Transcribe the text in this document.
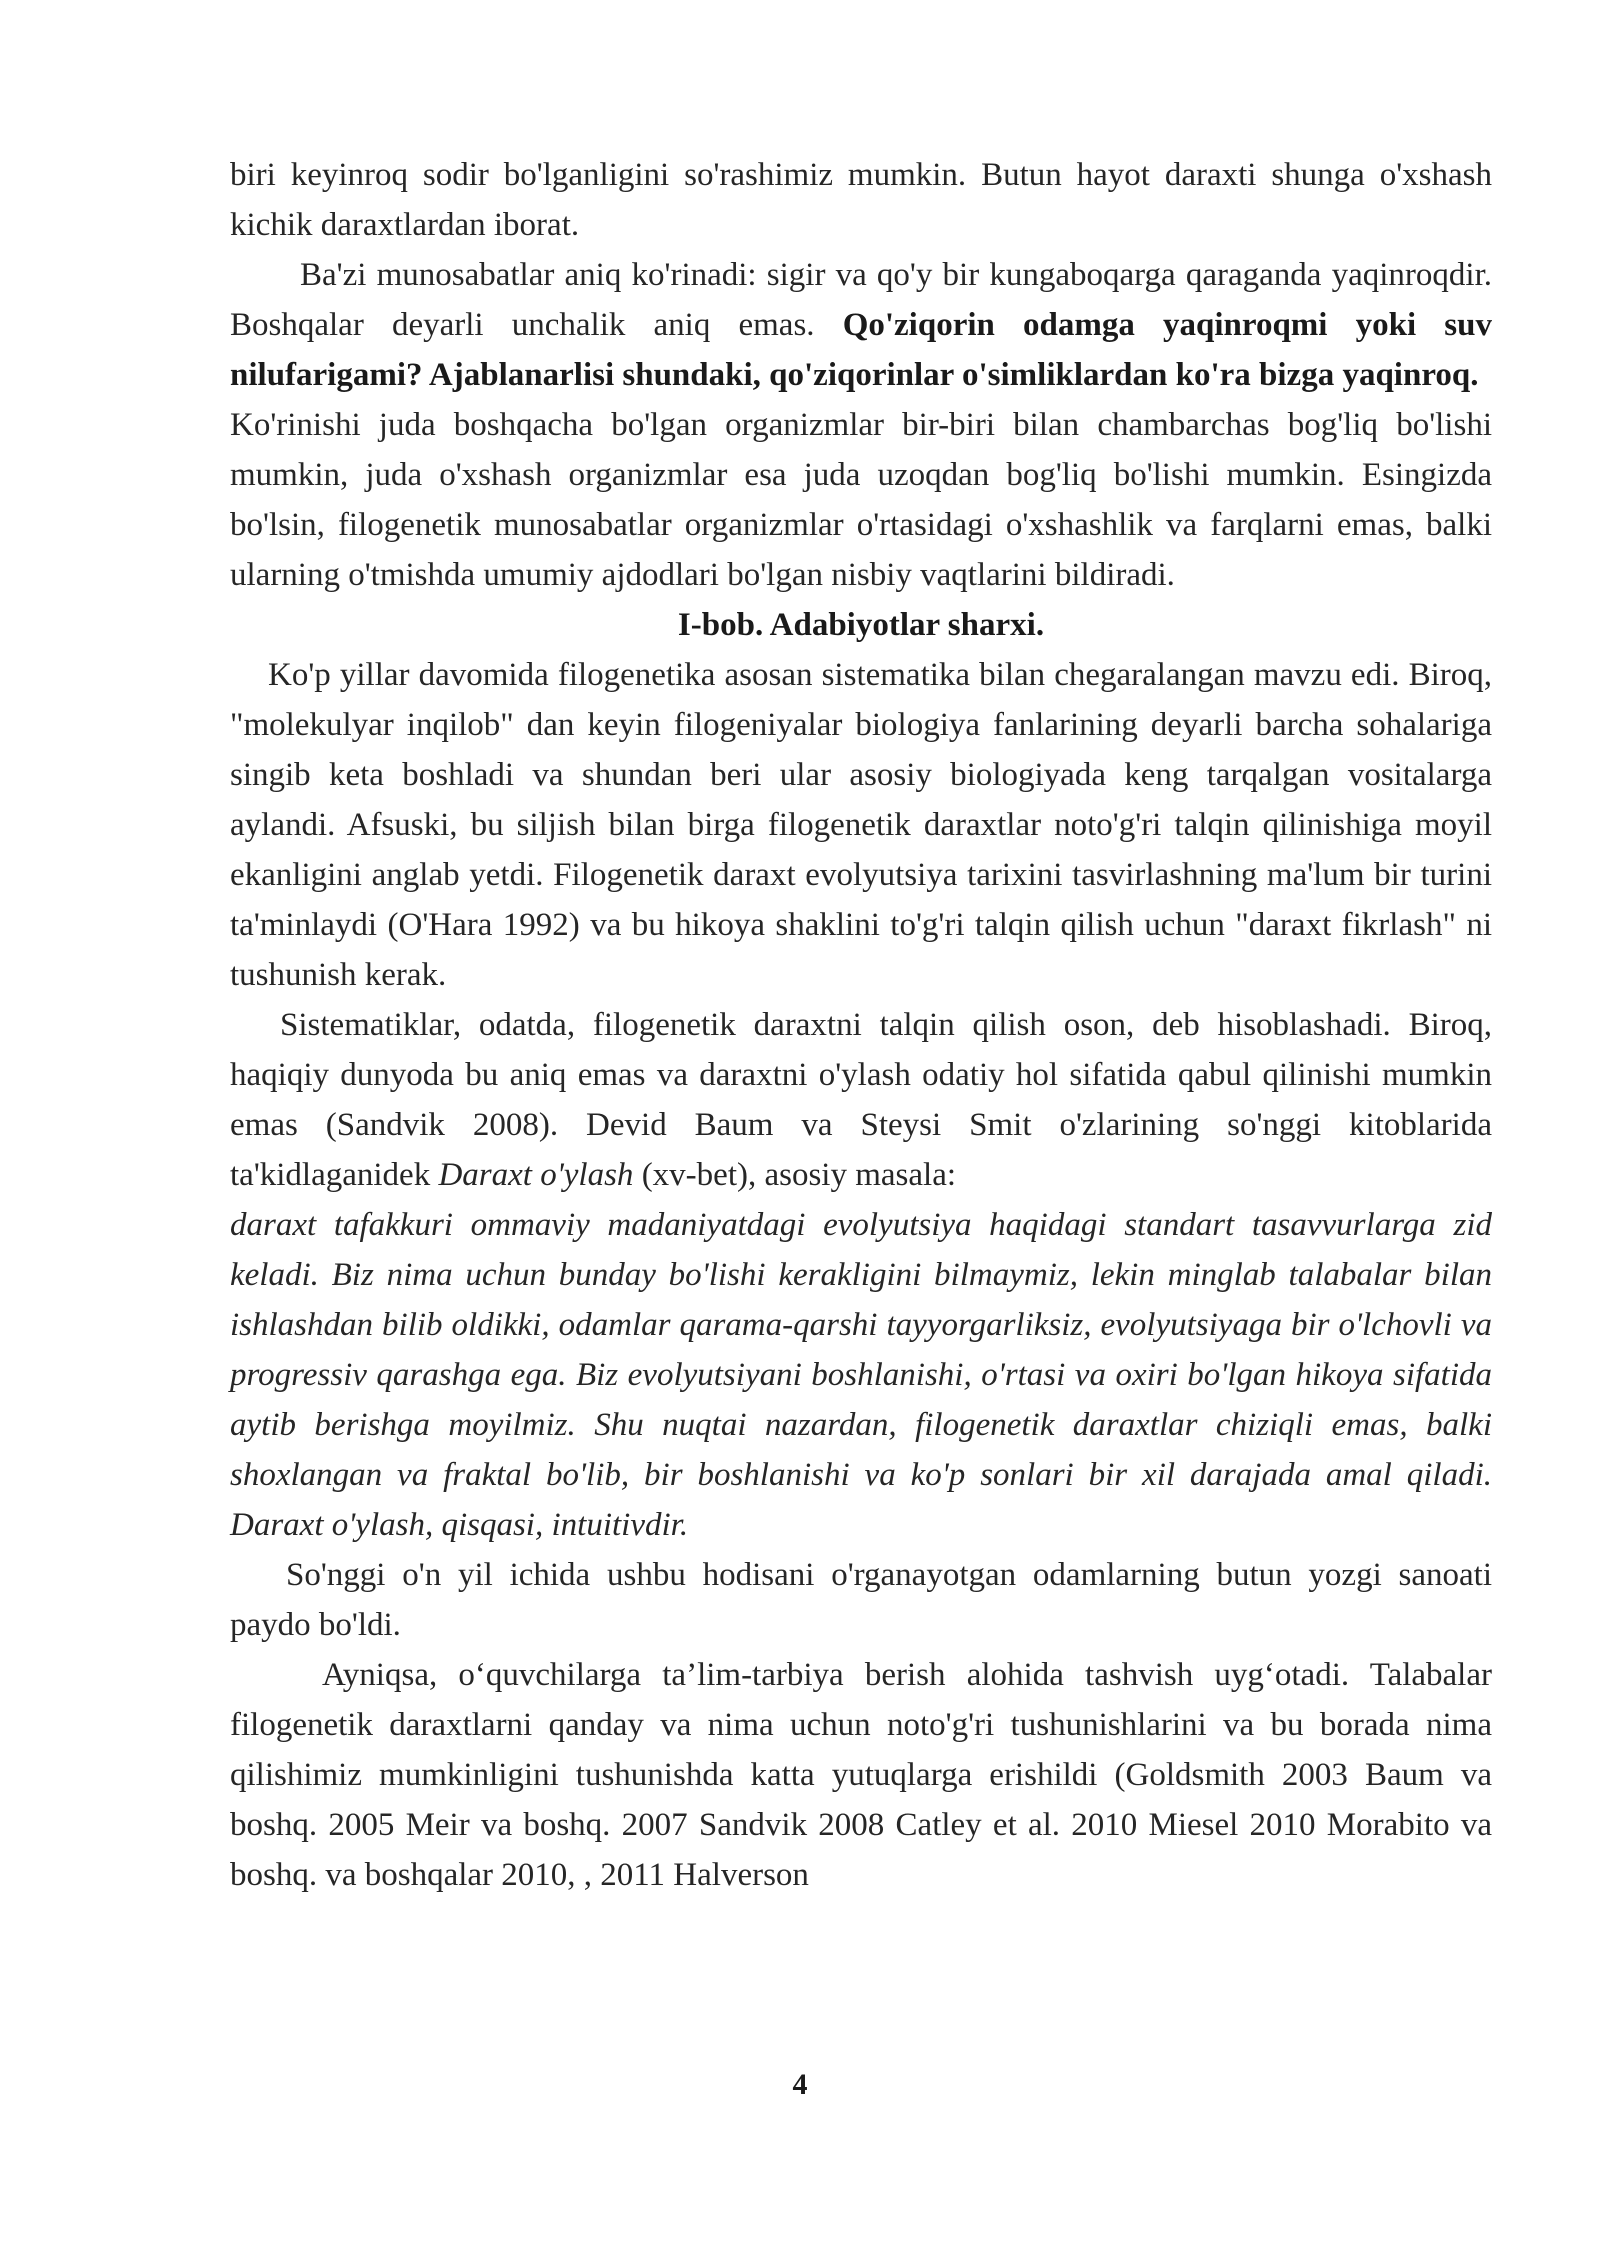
biri keyinroq sodir bo'lganligini so'rashimiz mumkin. Butun hayot daraxti shunga o'xshash kichik daraxtlardan iborat.

Ba'zi munosabatlar aniq ko'rinadi: sigir va qo'y bir kungaboqarga qaraganda yaqinroqdir. Boshqalar deyarli unchalik aniq emas. Qo'ziqorin odamga yaqinroqmi yoki suv nilufarigami? Ajablanarlisi shundaki, qo'ziqorinlar o'simliklardan ko'ra bizga yaqinroq.

Ko'rinishi juda boshqacha bo'lgan organizmlar bir-biri bilan chambarchas bog'liq bo'lishi mumkin, juda o'xshash organizmlar esa juda uzoqdan bog'liq bo'lishi mumkin. Esingizda bo'lsin, filogenetik munosabatlar organizmlar o'rtasidagi o'xshashlik va farqlarni emas, balki ularning o'tmishda umumiy ajdodlari bo'lgan nisbiy vaqtlarini bildiradi.

I-bob. Adabiyotlar sharxi.

Ko'p yillar davomida filogenetika asosan sistematika bilan chegaralangan mavzu edi. Biroq, "molekulyar inqilob" dan keyin filogeniyalar biologiya fanlarining deyarli barcha sohalariga singib keta boshladi va shundan beri ular asosiy biologiyada keng tarqalgan vositalarga aylandi. Afsuski, bu siljish bilan birga filogenetik daraxtlar noto'g'ri talqin qilinishiga moyil ekanligini anglab yetdi. Filogenetik daraxt evolyutsiya tarixini tasvirlashning ma'lum bir turini ta'minlaydi (O'Hara 1992) va bu hikoya shaklini to'g'ri talqin qilish uchun "daraxt fikrlash" ni tushunish kerak.

Sistematiklar, odatda, filogenetik daraxtni talqin qilish oson, deb hisoblashadi. Biroq, haqiqiy dunyoda bu aniq emas va daraxtni o'ylash odatiy hol sifatida qabul qilinishi mumkin emas (Sandvik 2008). Devid Baum va Steysi Smit o'zlarining so'nggi kitoblarida ta'kidlaganidek Daraxt o'ylash (xv-bet), asosiy masala:

daraxt tafakkuri ommaviy madaniyatdagi evolyutsiya haqidagi standart tasavvurlarga zid keladi. Biz nima uchun bunday bo'lishi kerakligini bilmaymiz, lekin minglab talabalar bilan ishlashdan bilib oldikki, odamlar qarama-qarshi tayyorgarliksiz, evolyutsiyaga bir o'lchovli va progressiv qarashga ega. Biz evolyutsiyani boshlanishi, o'rtasi va oxiri bo'lgan hikoya sifatida aytib berishga moyilmiz. Shu nuqtai nazardan, filogenetik daraxtlar chiziqli emas, balki shoxlangan va fraktal bo'lib, bir boshlanishi va ko'p sonlari bir xil darajada amal qiladi. Daraxt o'ylash, qisqasi, intuitivdir.

So'nggi o'n yil ichida ushbu hodisani o'rganayotgan odamlarning butun yozgi sanoati paydo bo'ldi.

Ayniqsa, o‘quvchilarga ta’lim-tarbiya berish alohida tashvish uyg‘otadi. Talabalar filogenetik daraxtlarni qanday va nima uchun noto'g'ri tushunishlarini va bu borada nima qilishimiz mumkinligini tushunishda katta yutuqlarga erishildi (Goldsmith 2003 Baum va boshq. 2005 Meir va boshq. 2007 Sandvik 2008 Catley et al. 2010 Miesel 2010 Morabito va boshq. va boshqalar 2010, , 2011 Halverson

4
